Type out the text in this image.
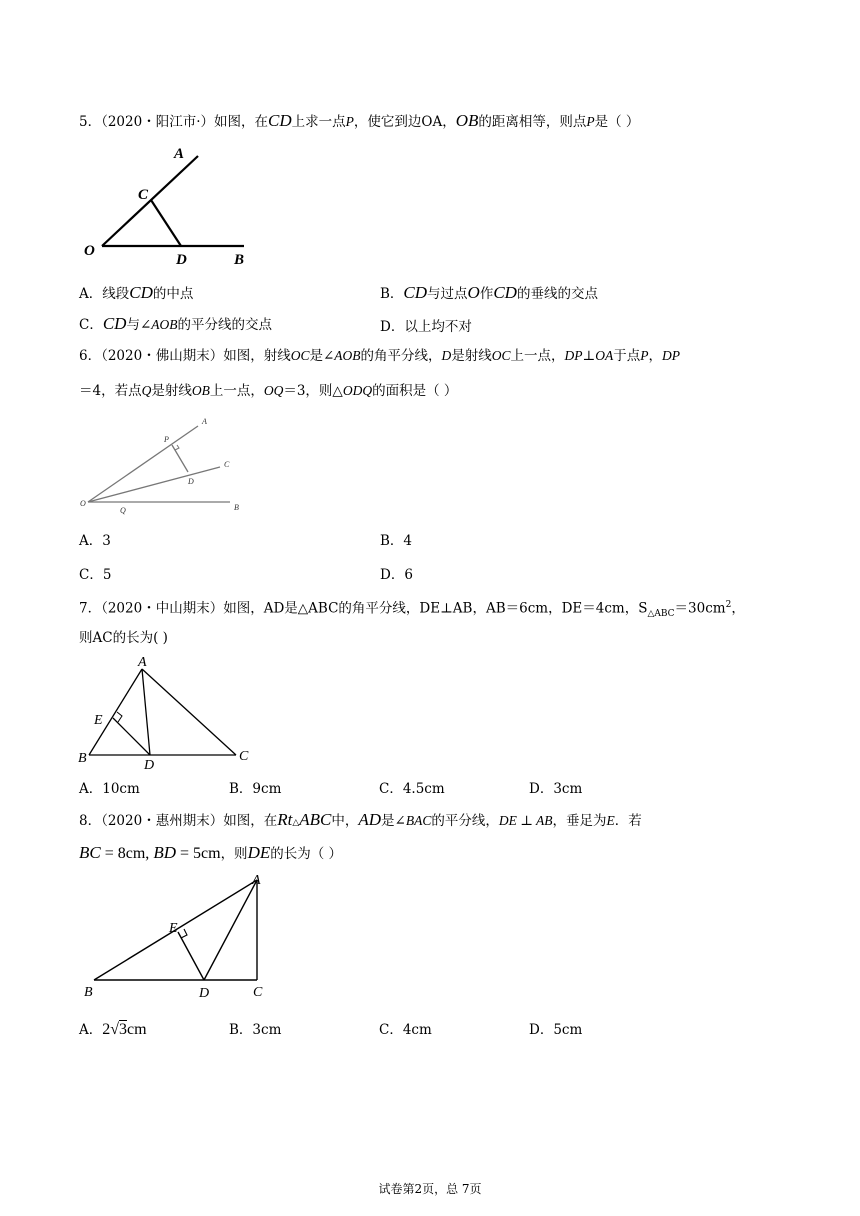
5．（2020・阳江市·）如图，在CD上求一点P，使它到边OA，OB的距离相等，则点P是（ ）
A
C
O
D	B
A．线段CD的中点	B．CD与过点O作CD的垂线的交点
C．CD与∠AOB的平分线的交点	D．以上均不对
6．（2020・佛山期末）如图，射线OC是∠AOB的角平分线，D是射线OC上一点，DP⊥OA于点P，DP
＝4，若点Q是射线OB上一点，OQ＝3，则△ODQ的面积是（ ）
A
P
C
D
O
Q	B
A．3	B．4
C．5	D．6
7．（2020・中山期末）如图，AD是△ABC的角平分线，DE⊥AB，AB＝6cm，DE＝4cm，$S_{\triangle ABC}=30cm^2$，
则AC的长为( )
A
E
B	D
C
A．10cm	B．9cm	C．4.5cm	D．3cm
8．（2020・惠州期末）如图，在Rt△ABC中，AD是∠BAC的平分线，DE ⊥ AB，垂足为E．若
BC = 8cm, BD = 5cm，则DE的长为（ ）
A
E
B	D	C
A．2√3cm	B．3cm	C．4cm	D．5cm
试卷第2页，总 7页
